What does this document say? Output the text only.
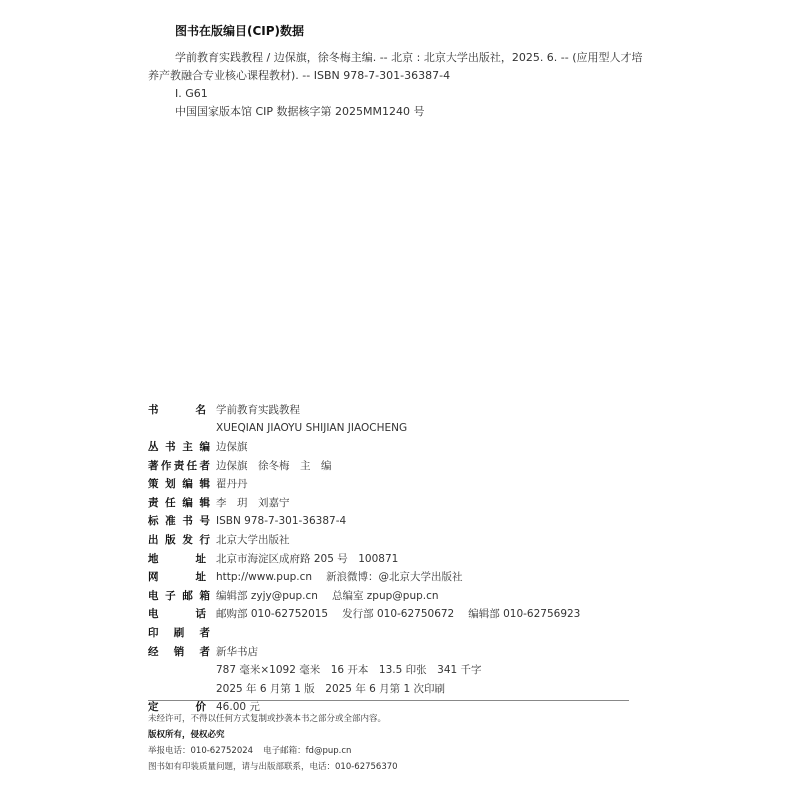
图书在版编目(CIP)数据
学前教育实践教程 / 边保旗，徐冬梅主编. -- 北京 : 北京大学出版社，2025. 6. -- (应用型人才培
养产教融合专业核心课程教材). -- ISBN 978-7-301-36387-4
Ⅰ. G61
中国国家版本馆 CIP 数据核字第 2025MM1240 号
书	名 学前教育实践教程
XUEQIAN JIAOYU SHIJIAN JIAOCHENG
丛 书 主 编 边保旗
著 作 责 任 者 边保旗　徐冬梅　主　编
策 划 编 辑 翟丹丹
责 任 编 辑 李　玥　刘嘉宁
标 准 书 号 ISBN 978-7-301-36387-4
出 版 发 行 北京大学出版社
地	址 北京市海淀区成府路 205 号　100871
网	址 http://www.pup.cn 新浪微博：@北京大学出版社
电 子 邮 箱 编辑部 zyjy@pup.cn 总编室 zpup@pup.cn
电	话 邮购部 010-62752015 发行部 010-62750672 编辑部 010-62756923
印 刷 者
经 销 者 新华书店
787 毫米×1092 毫米　16 开本　13.5 印张　341 千字
2025 年 6 月第 1 版　2025 年 6 月第 1 次印刷
定	价 46.00 元
未经许可，不得以任何方式复制或抄袭本书之部分或全部内容。
版权所有，侵权必究
举报电话：010-62752024 电子邮箱：fd@pup.cn
图书如有印装质量问题，请与出版部联系，电话：010-62756370
